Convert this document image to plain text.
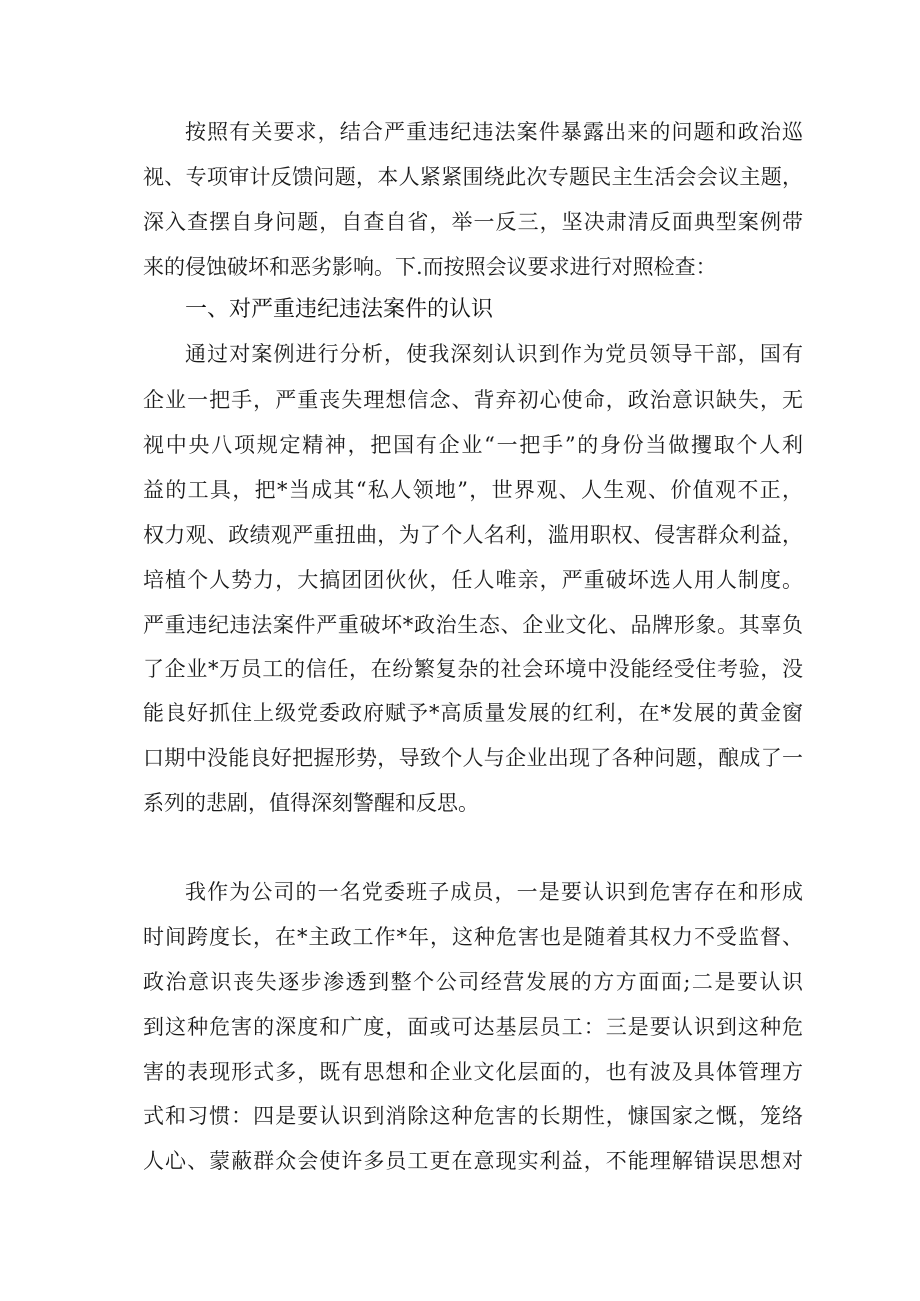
按照有关要求，结合严重违纪违法案件暴露出来的问题和政治巡
视、专项审计反馈问题，本人紧紧围绕此次专题民主生活会会议主题，
深入查摆自身问题，自查自省，举一反三，坚决肃清反面典型案例带
来的侵蚀破坏和恶劣影响。下.而按照会议要求进行对照检查：
一、对严重违纪违法案件的认识
通过对案例进行分析，使我深刻认识到作为党员领导干部，国有
企业一把手，严重丧失理想信念、背弃初心使命，政治意识缺失，无
视中央八项规定精神，把国有企业“一把手”的身份当做攫取个人利
益的工具，把*当成其“私人领地”，世界观、人生观、价值观不正，
权力观、政绩观严重扭曲，为了个人名利，滥用职权、侵害群众利益，
培植个人势力，大搞团团伙伙，任人唯亲，严重破坏选人用人制度。
严重违纪违法案件严重破坏*政治生态、企业文化、品牌形象。其辜负
了企业*万员工的信任，在纷繁复杂的社会环境中没能经受住考验，没
能良好抓住上级党委政府赋予*高质量发展的红利，在*发展的黄金窗
口期中没能良好把握形势，导致个人与企业出现了各种问题，酿成了一
系列的悲剧，值得深刻警醒和反思。
我作为公司的一名党委班子成员，一是要认识到危害存在和形成
时间跨度长，在*主政工作*年，这种危害也是随着其权力不受监督、
政治意识丧失逐步渗透到整个公司经营发展的方方面面;二是要认识
到这种危害的深度和广度，面或可达基层员工：三是要认识到这种危
害的表现形式多，既有思想和企业文化层面的，也有波及具体管理方
式和习惯：四是要认识到消除这种危害的长期性，慷国家之慨，笼络
人心、蒙蔽群众会使许多员工更在意现实利益，不能理解错误思想对
